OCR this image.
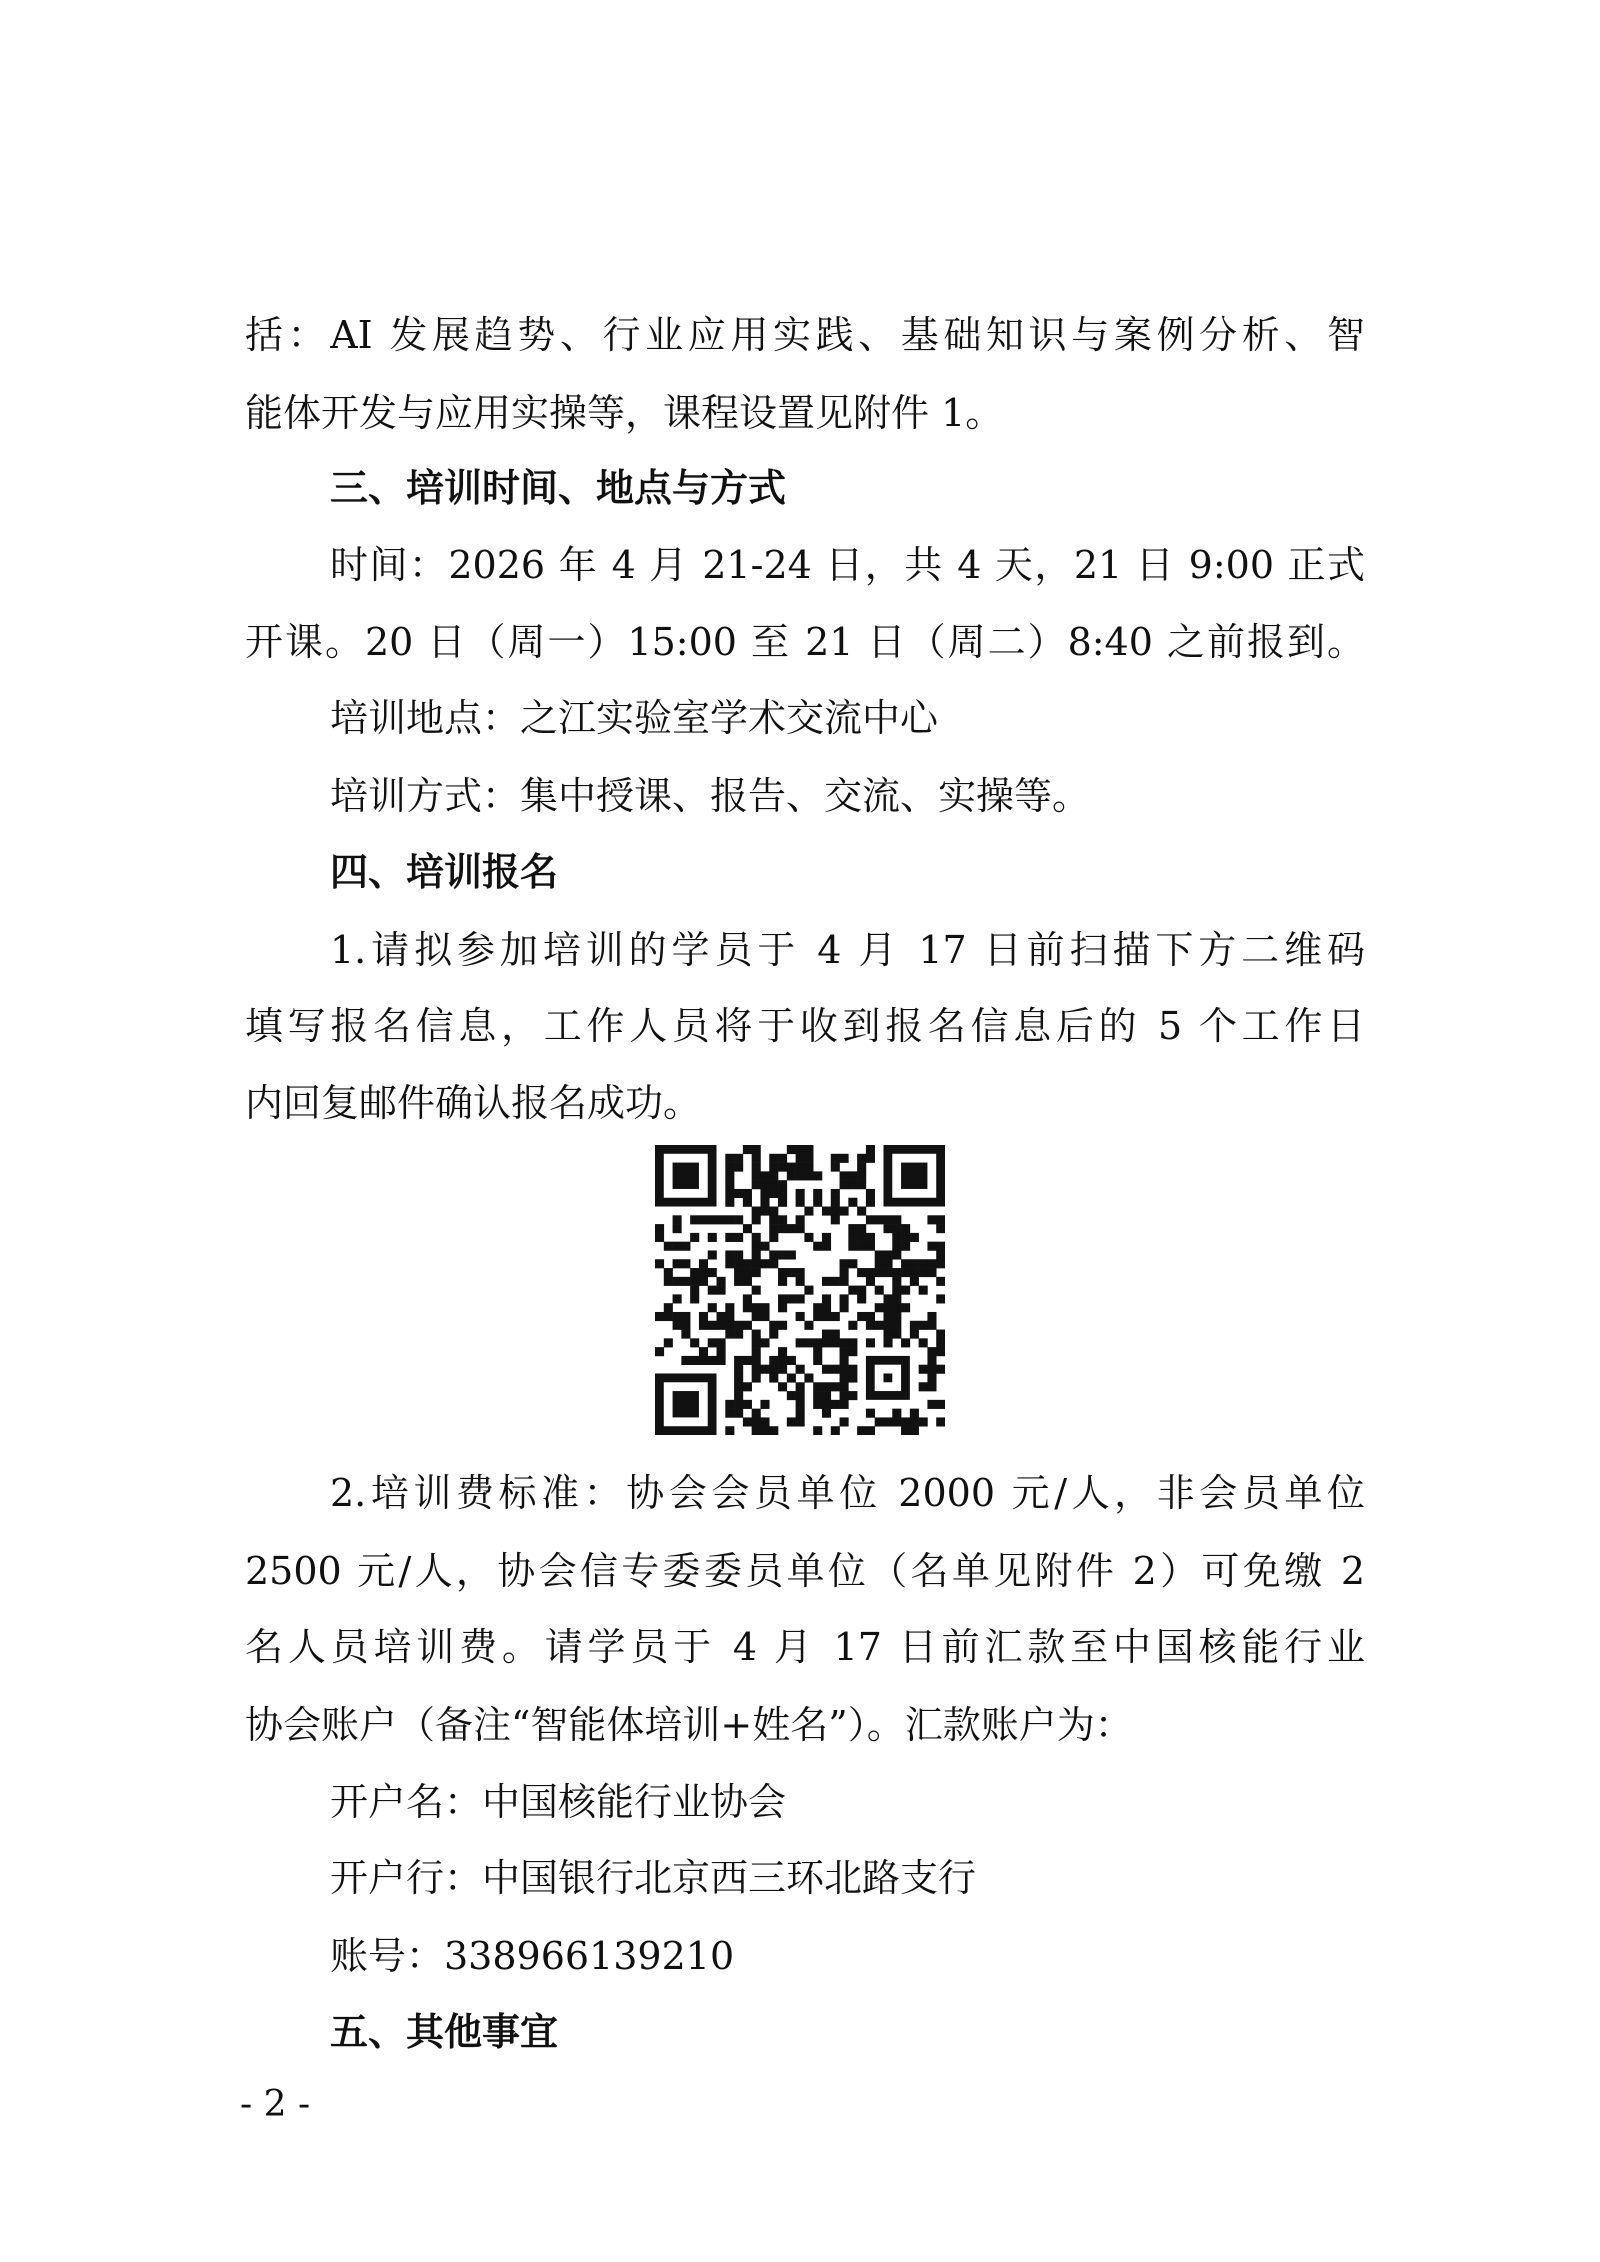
括：AI 发展趋势、行业应用实践、基础知识与案例分析、智
能体开发与应用实操等，课程设置见附件 1。
三、培训时间、地点与方式
时间：2026 年 4 月 21-24 日，共 4 天，21 日 9:00 正式
开课。20 日（周一）15:00 至 21 日（周二）8:40 之前报到。
培训地点：之江实验室学术交流中心
培训方式：集中授课、报告、交流、实操等。
四、培训报名
1.请拟参加培训的学员于 4 月 17 日前扫描下方二维码
填写报名信息，工作人员将于收到报名信息后的 5 个工作日
内回复邮件确认报名成功。
2.培训费标准：协会会员单位 2000 元/人，非会员单位
2500 元/人，协会信专委委员单位（名单见附件 2）可免缴 2
名人员培训费。请学员于 4 月 17 日前汇款至中国核能行业
协会账户（备注“智能体培训+姓名”）。汇款账户为：
开户名：中国核能行业协会
开户行：中国银行北京西三环北路支行
账号：338966139210
五、其他事宜
- 2 -
